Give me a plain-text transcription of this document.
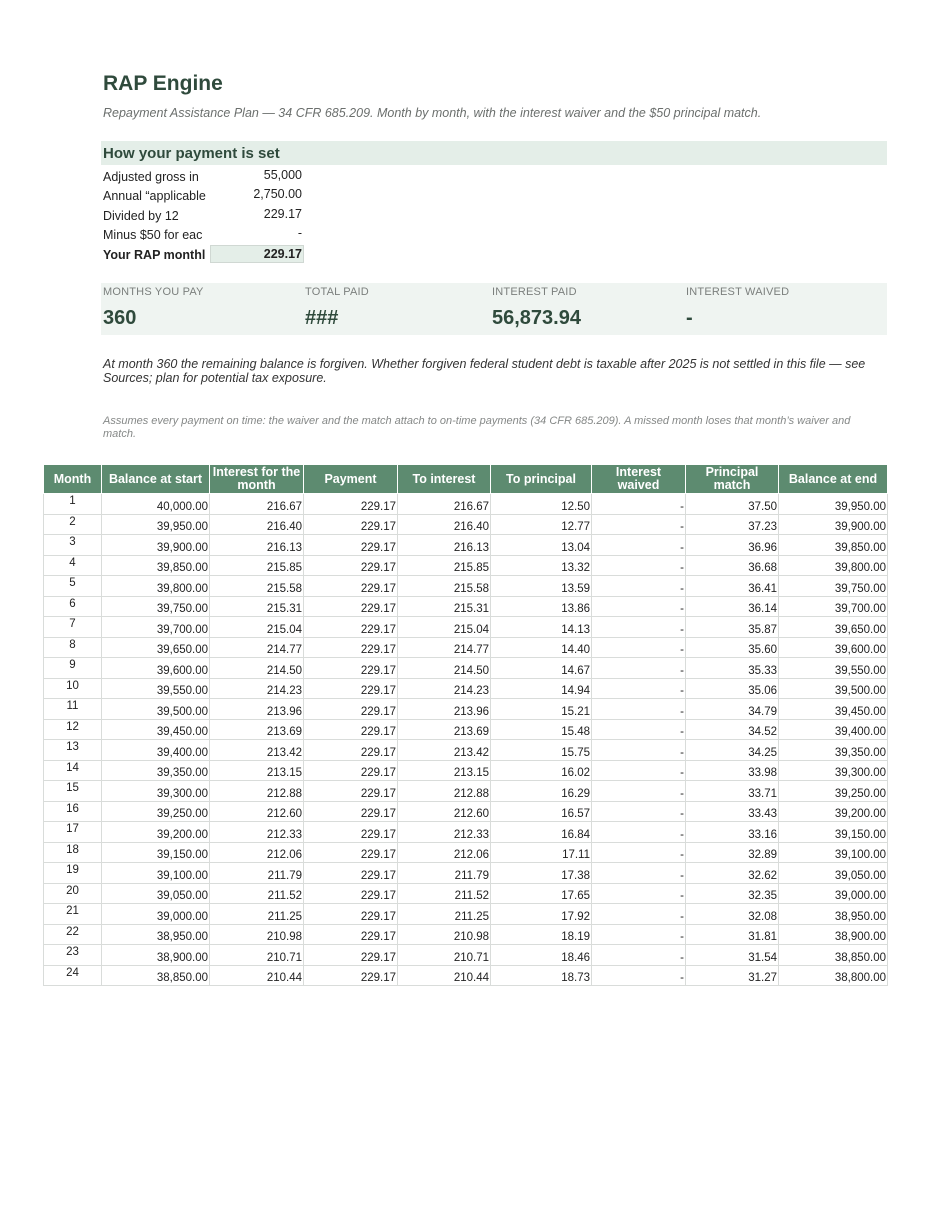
RAP Engine
Repayment Assistance Plan — 34 CFR 685.209. Month by month, with the interest waiver and the $50 principal match.
How your payment is set
Adjusted gross in	55,000
Annual “applicable	2,750.00
Divided by 12	229.17
Minus $50 for eac	-
Your RAP monthl	229.17
MONTHS YOU PAY
360
TOTAL PAID
###
INTEREST PAID
56,873.94
INTEREST WAIVED
-
At month 360 the remaining balance is forgiven. Whether forgiven federal student debt is taxable after 2025 is not settled in this file — see Sources; plan for potential tax exposure.
Assumes every payment on time: the waiver and the match attach to on-time payments (34 CFR 685.209). A missed month loses that month’s waiver and match.
Month	Balance at start	Interest for the month	Payment	To interest	To principal	Interest waived	Principal match	Balance at end
1	40,000.00	216.67	229.17	216.67	12.50	-	37.50	39,950.00
2	39,950.00	216.40	229.17	216.40	12.77	-	37.23	39,900.00
3	39,900.00	216.13	229.17	216.13	13.04	-	36.96	39,850.00
4	39,850.00	215.85	229.17	215.85	13.32	-	36.68	39,800.00
5	39,800.00	215.58	229.17	215.58	13.59	-	36.41	39,750.00
6	39,750.00	215.31	229.17	215.31	13.86	-	36.14	39,700.00
7	39,700.00	215.04	229.17	215.04	14.13	-	35.87	39,650.00
8	39,650.00	214.77	229.17	214.77	14.40	-	35.60	39,600.00
9	39,600.00	214.50	229.17	214.50	14.67	-	35.33	39,550.00
10	39,550.00	214.23	229.17	214.23	14.94	-	35.06	39,500.00
11	39,500.00	213.96	229.17	213.96	15.21	-	34.79	39,450.00
12	39,450.00	213.69	229.17	213.69	15.48	-	34.52	39,400.00
13	39,400.00	213.42	229.17	213.42	15.75	-	34.25	39,350.00
14	39,350.00	213.15	229.17	213.15	16.02	-	33.98	39,300.00
15	39,300.00	212.88	229.17	212.88	16.29	-	33.71	39,250.00
16	39,250.00	212.60	229.17	212.60	16.57	-	33.43	39,200.00
17	39,200.00	212.33	229.17	212.33	16.84	-	33.16	39,150.00
18	39,150.00	212.06	229.17	212.06	17.11	-	32.89	39,100.00
19	39,100.00	211.79	229.17	211.79	17.38	-	32.62	39,050.00
20	39,050.00	211.52	229.17	211.52	17.65	-	32.35	39,000.00
21	39,000.00	211.25	229.17	211.25	17.92	-	32.08	38,950.00
22	38,950.00	210.98	229.17	210.98	18.19	-	31.81	38,900.00
23	38,900.00	210.71	229.17	210.71	18.46	-	31.54	38,850.00
24	38,850.00	210.44	229.17	210.44	18.73	-	31.27	38,800.00
